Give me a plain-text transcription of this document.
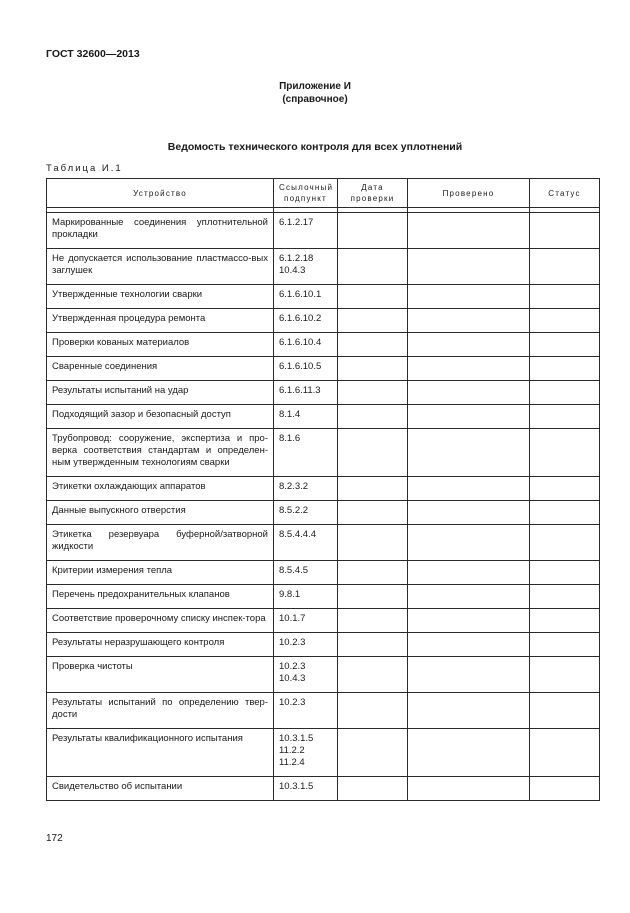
ГОСТ 32600—2013
Приложение И
(справочное)
Ведомость технического контроля для всех уплотнений
Таблица И.1
Устройство	Ссылочный подпункт	Дата проверки	Проверено	Статус

Маркированные соединения уплотнительной прокладки	6.1.2.17			
Не допускается использование пластмассо-вых заглушек	6.1.2.18
10.4.3			
Утвержденные технологии сварки	6.1.6.10.1			
Утвержденная процедура ремонта	6.1.6.10.2			
Проверки кованых материалов	6.1.6.10.4			
Сваренные соединения	6.1.6.10.5			
Результаты испытаний на удар	6.1.6.11.3			
Подходящий зазор и безопасный доступ	8.1.4			
Трубопровод: сооружение, экспертиза и про-верка соответствия стандартам и определен-ным утвержденным технологиям сварки	8.1.6			
Этикетки охлаждающих аппаратов	8.2.3.2			
Данные выпускного отверстия	8.5.2.2			
Этикетка резервуара буферной/затворной жидкости	8.5.4.4.4			
Критерии измерения тепла	8.5.4.5			
Перечень предохранительных клапанов	9.8.1			
Соответствие проверочному списку инспек-тора	10.1.7			
Результаты неразрушающего контроля	10.2.3			
Проверка чистоты	10.2.3
10.4.3			
Результаты испытаний по определению твер-дости	10.2.3			
Результаты квалификационного испытания	10.3.1.5
11.2.2
11.2.4			
Свидетельство об испытании	10.3.1.5			
172
